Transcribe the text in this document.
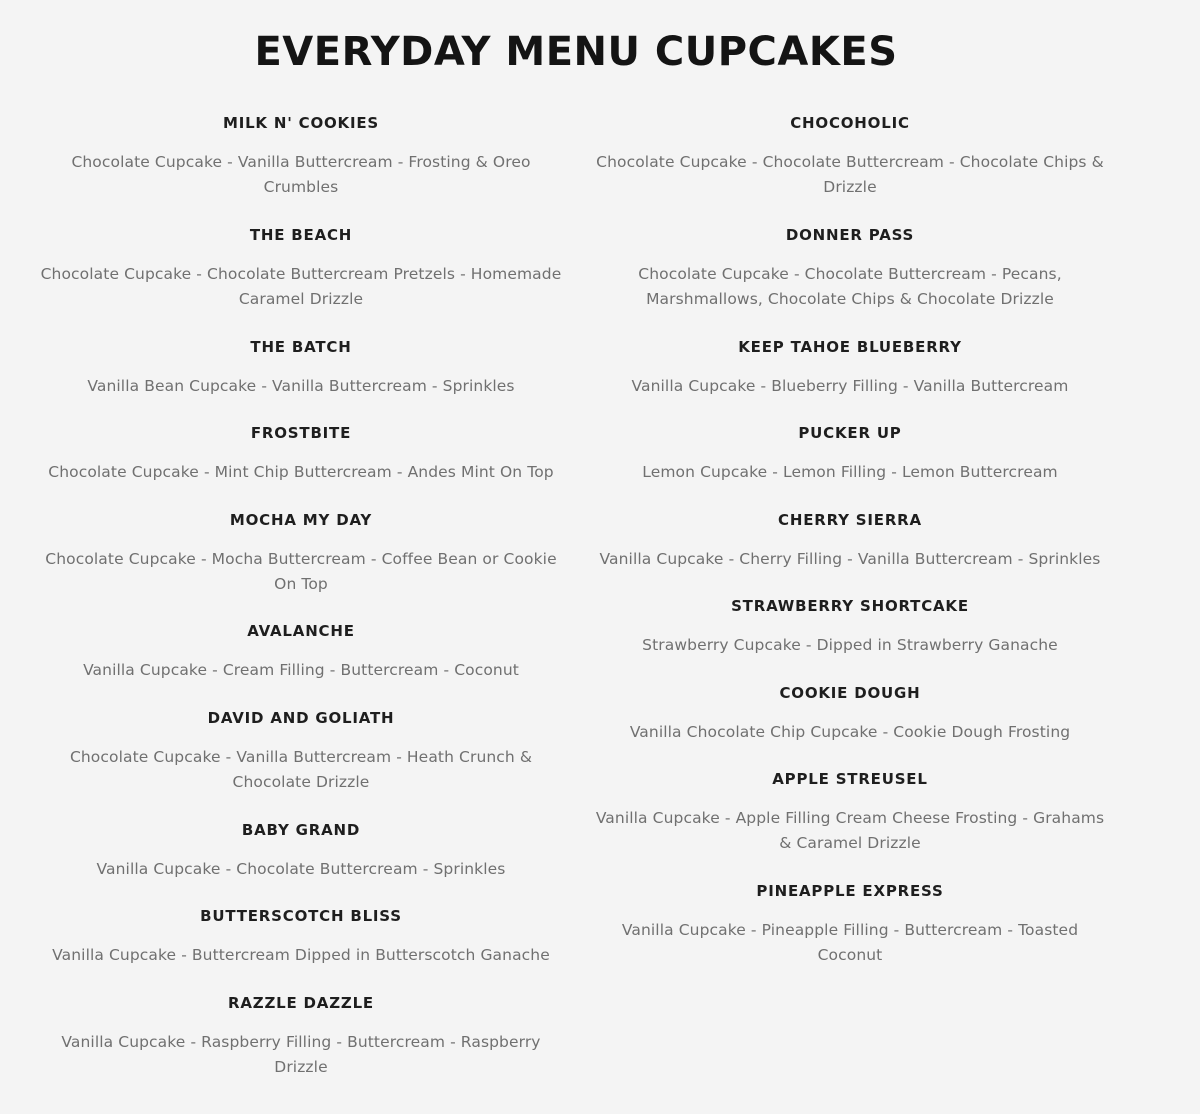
EVERYDAY MENU CUPCAKES
MILK N' COOKIES
Chocolate Cupcake - Vanilla Buttercream - Frosting & Oreo Crumbles
THE BEACH
Chocolate Cupcake - Chocolate Buttercream Pretzels - Homemade Caramel Drizzle
THE BATCH
Vanilla Bean Cupcake - Vanilla Buttercream - Sprinkles
FROSTBITE
Chocolate Cupcake - Mint Chip Buttercream - Andes Mint On Top
MOCHA MY DAY
Chocolate Cupcake - Mocha Buttercream - Coffee Bean or Cookie On Top
AVALANCHE
Vanilla Cupcake - Cream Filling - Buttercream - Coconut
DAVID AND GOLIATH
Chocolate Cupcake - Vanilla Buttercream - Heath Crunch & Chocolate Drizzle
BABY GRAND
Vanilla Cupcake - Chocolate Buttercream - Sprinkles
BUTTERSCOTCH BLISS
Vanilla Cupcake - Buttercream Dipped in Butterscotch Ganache
RAZZLE DAZZLE
Vanilla Cupcake - Raspberry Filling - Buttercream - Raspberry Drizzle
CHOCOHOLIC
Chocolate Cupcake - Chocolate Buttercream - Chocolate Chips & Drizzle
DONNER PASS
Chocolate Cupcake - Chocolate Buttercream - Pecans, Marshmallows, Chocolate Chips & Chocolate Drizzle
KEEP TAHOE BLUEBERRY
Vanilla Cupcake - Blueberry Filling - Vanilla Buttercream
PUCKER UP
Lemon Cupcake - Lemon Filling - Lemon Buttercream
CHERRY SIERRA
Vanilla Cupcake - Cherry Filling - Vanilla Buttercream - Sprinkles
STRAWBERRY SHORTCAKE
Strawberry Cupcake - Dipped in Strawberry Ganache
COOKIE DOUGH
Vanilla Chocolate Chip Cupcake - Cookie Dough Frosting
APPLE STREUSEL
Vanilla Cupcake - Apple Filling Cream Cheese Frosting - Grahams & Caramel Drizzle
PINEAPPLE EXPRESS
Vanilla Cupcake - Pineapple Filling - Buttercream - Toasted Coconut
